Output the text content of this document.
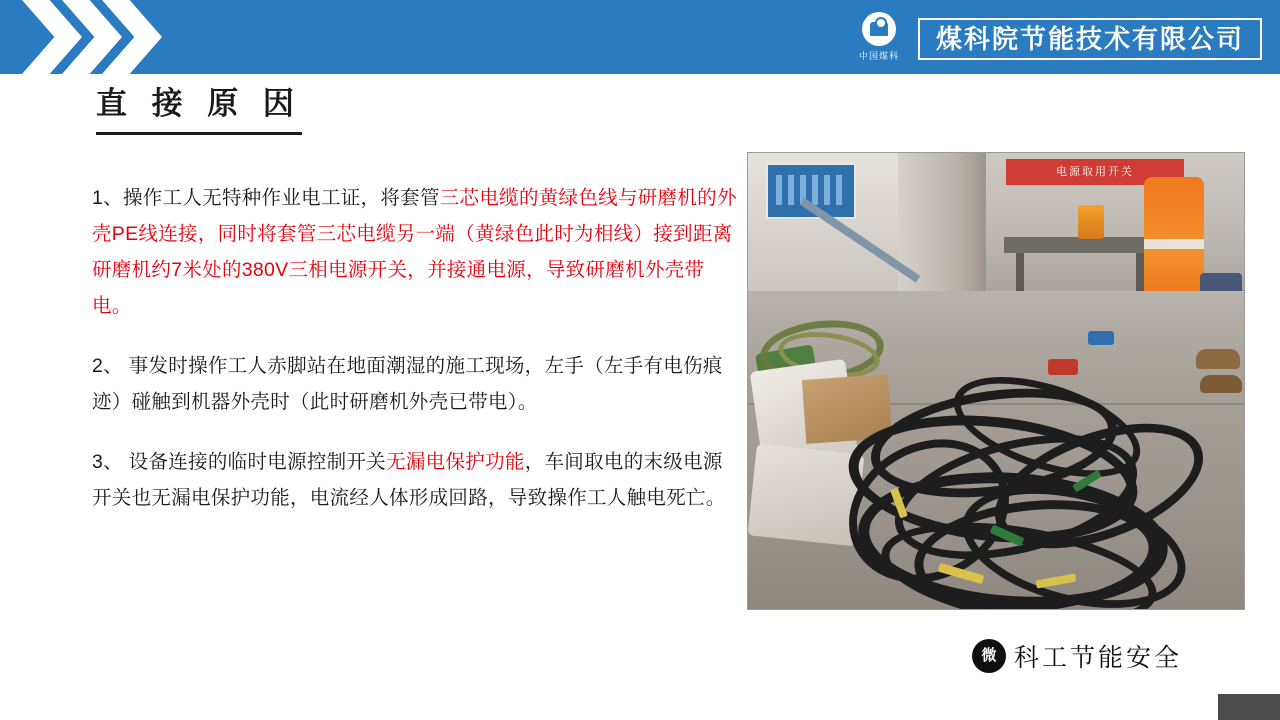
中国煤科
煤科院节能技术有限公司
直 接 原 因

1、操作工人无特种作业电工证，将套管三芯电缆的黄绿色线与研磨机的外壳PE线连接，同时将套管三芯电缆另一端（黄绿色此时为相线）接到距离研磨机约7米处的380V三相电源开关，并接通电源，导致研磨机外壳带电。

2、 事发时操作工人赤脚站在地面潮湿的施工现场，左手（左手有电伤痕迹）碰触到机器外壳时（此时研磨机外壳已带电）。

3、 设备连接的临时电源控制开关无漏电保护功能，车间取电的末级电源开关也无漏电保护功能，电流经人体形成回路，导致操作工人触电死亡。

电源取用开关
微 科工节能安全
